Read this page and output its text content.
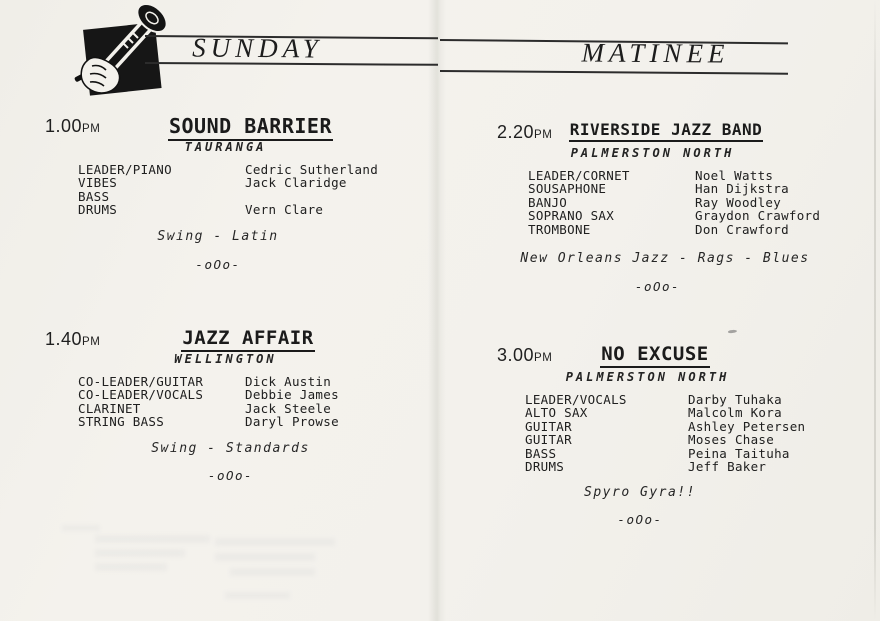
SUNDAY	MATINEE
1.00PM	SOUND BARRIER
TAURANGA
LEADER/PIANO	Cedric Sutherland
VIBES	Jack Claridge
BASS
DRUMS	Vern Clare
Swing - Latin
-oOo-
1.40PM	JAZZ AFFAIR
WELLINGTON
CO-LEADER/GUITAR	Dick Austin
CO-LEADER/VOCALS	Debbie James
CLARINET	Jack Steele
STRING BASS	Daryl Prowse
Swing - Standards
-oOo-
2.20PM	RIVERSIDE JAZZ BAND
PALMERSTON NORTH
LEADER/CORNET	Noel Watts
SOUSAPHONE	Han Dijkstra
BANJO	Ray Woodley
SOPRANO SAX	Graydon Crawford
TROMBONE	Don Crawford
New Orleans Jazz - Rags - Blues
-oOo-
3.00PM	NO EXCUSE
PALMERSTON NORTH
LEADER/VOCALS	Darby Tuhaka
ALTO SAX	Malcolm Kora
GUITAR	Ashley Petersen
GUITAR	Moses Chase
BASS	Peina Taituha
DRUMS	Jeff Baker
Spyro Gyra!!
-oOo-
